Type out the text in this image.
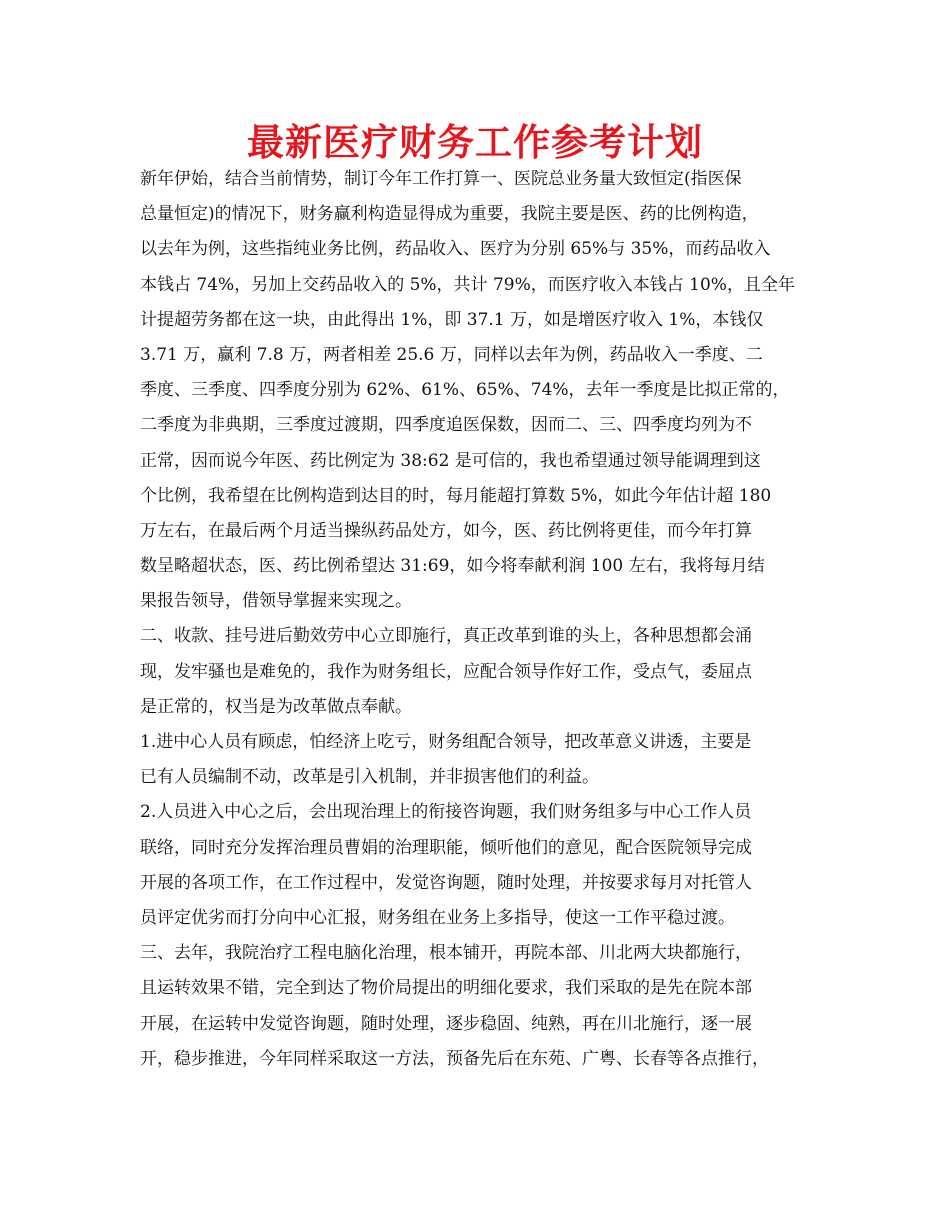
最新医疗财务工作参考计划
新年伊始，结合当前情势，制订今年工作打算一、医院总业务量大致恒定(指医保
总量恒定)的情况下，财务赢利构造显得成为重要，我院主要是医、药的比例构造，
以去年为例，这些指纯业务比例，药品收入、医疗为分别 65%与 35%，而药品收入
本钱占 74%，另加上交药品收入的 5%，共计 79%，而医疗收入本钱占 10%，且全年
计提超劳务都在这一块，由此得出 1%，即 37.1 万，如是增医疗收入 1%，本钱仅
3.71 万，赢利 7.8 万，两者相差 25.6 万，同样以去年为例，药品收入一季度、二
季度、三季度、四季度分别为 62%、61%、65%、74%，去年一季度是比拟正常的，
二季度为非典期，三季度过渡期，四季度追医保数，因而二、三、四季度均列为不
正常，因而说今年医、药比例定为 38:62 是可信的，我也希望通过领导能调理到这
个比例，我希望在比例构造到达目的时，每月能超打算数 5%，如此今年估计超 180
万左右，在最后两个月适当操纵药品处方，如今，医、药比例将更佳，而今年打算
数呈略超状态，医、药比例希望达 31:69，如今将奉献利润 100 左右，我将每月结
果报告领导，借领导掌握来实现之。
二、收款、挂号进后勤效劳中心立即施行，真正改革到谁的头上，各种思想都会涌
现，发牢骚也是难免的，我作为财务组长，应配合领导作好工作，受点气，委屈点
是正常的，权当是为改革做点奉献。
1.进中心人员有顾虑，怕经济上吃亏，财务组配合领导，把改革意义讲透，主要是
已有人员编制不动，改革是引入机制，并非损害他们的利益。
2.人员进入中心之后，会出现治理上的衔接咨询题，我们财务组多与中心工作人员
联络，同时充分发挥治理员曹娟的治理职能，倾听他们的意见，配合医院领导完成
开展的各项工作，在工作过程中，发觉咨询题，随时处理，并按要求每月对托管人
员评定优劣而打分向中心汇报，财务组在业务上多指导，使这一工作平稳过渡。
三、去年，我院治疗工程电脑化治理，根本铺开，再院本部、川北两大块都施行，
且运转效果不错，完全到达了物价局提出的明细化要求，我们采取的是先在院本部
开展，在运转中发觉咨询题，随时处理，逐步稳固、纯熟，再在川北施行，逐一展
开，稳步推进，今年同样采取这一方法，预备先后在东苑、广粤、长春等各点推行，
